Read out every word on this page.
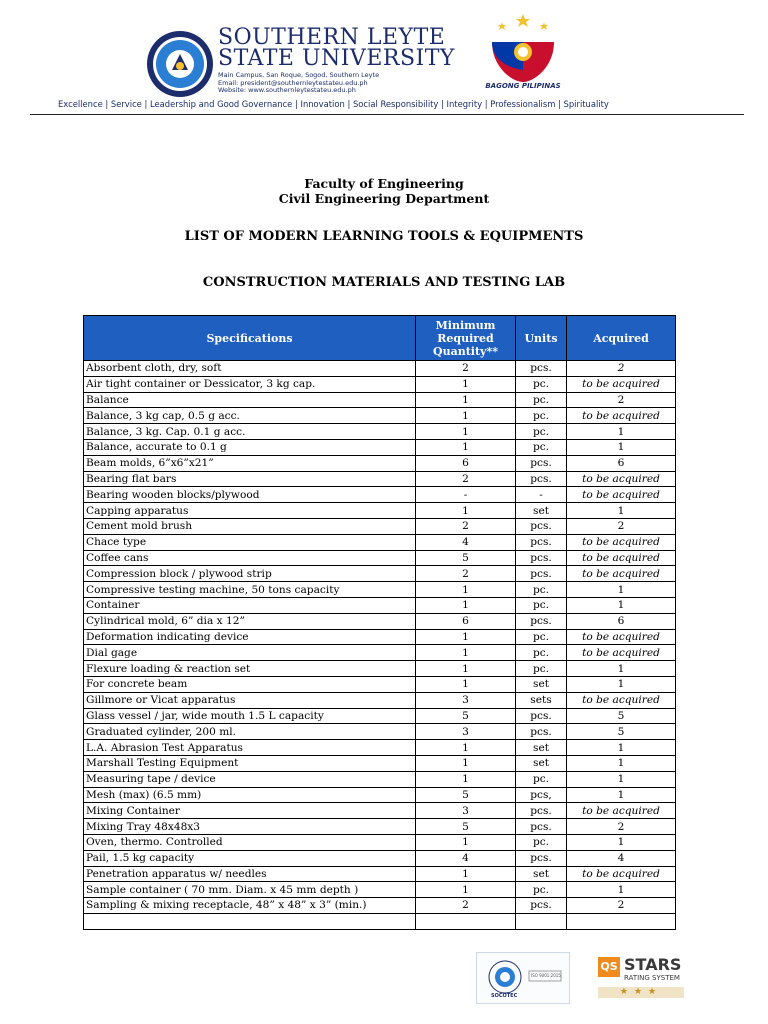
SOUTHERN LEYTE
STATE UNIVERSITY
Main Campus, San Roque, Sogod, Southern Leyte
Email: president@southernleytestateu.edu.ph
Website: www.southernleytestateu.edu.ph	BAGONG PILIPINAS
Excellence | Service | Leadership and Good Governance | Innovation | Social Responsibility | Integrity | Professionalism | Spirituality
Faculty of Engineering
Civil Engineering Department
LIST OF MODERN LEARNING TOOLS & EQUIPMENTS
CONSTRUCTION MATERIALS AND TESTING LAB
Specifications	Minimum Required Quantity**	Units	Acquired
Absorbent cloth, dry, soft	2	pcs.	2
Air tight container or Dessicator, 3 kg cap.	1	pc.	to be acquired
Balance	1	pc.	2
Balance, 3 kg cap, 0.5 g acc.	1	pc.	to be acquired
Balance, 3 kg. Cap. 0.1 g acc.	1	pc.	1
Balance, accurate to 0.1 g	1	pc.	1
Beam molds, 6”x6”x21”	6	pcs.	6
Bearing flat bars	2	pcs.	to be acquired
Bearing wooden blocks/plywood	-	-	to be acquired
Capping apparatus	1	set	1
Cement mold brush	2	pcs.	2
Chace type	4	pcs.	to be acquired
Coffee cans	5	pcs.	to be acquired
Compression block / plywood strip	2	pcs.	to be acquired
Compressive testing machine, 50 tons capacity	1	pc.	1
Container	1	pc.	1
Cylindrical mold, 6” dia x 12”	6	pcs.	6
Deformation indicating device	1	pc.	to be acquired
Dial gage	1	pc.	to be acquired
Flexure loading & reaction set	1	pc.	1
For concrete beam	1	set	1
Gillmore or Vicat apparatus	3	sets	to be acquired
Glass vessel / jar, wide mouth 1.5 L capacity	5	pcs.	5
Graduated cylinder, 200 ml.	3	pcs.	5
L.A. Abrasion Test Apparatus	1	set	1
Marshall Testing Equipment	1	set	1
Measuring tape / device	1	pc.	1
Mesh (max) (6.5 mm)	5	pcs,	1
Mixing Container	3	pcs.	to be acquired
Mixing Tray 48x48x3	5	pcs.	2
Oven, thermo. Controlled	1	pc.	1
Pail, 1.5 kg capacity	4	pcs.	4
Penetration apparatus w/ needles	1	set	to be acquired
Sample container ( 70 mm. Diam. x 45 mm depth )	1	pc.	1
Sampling & mixing receptacle, 48” x 48” x 3” (min.)	2	pcs.	2

SOCOTEC
ISO 9001:2015
QS STARS
RATING SYSTEM
★★★
